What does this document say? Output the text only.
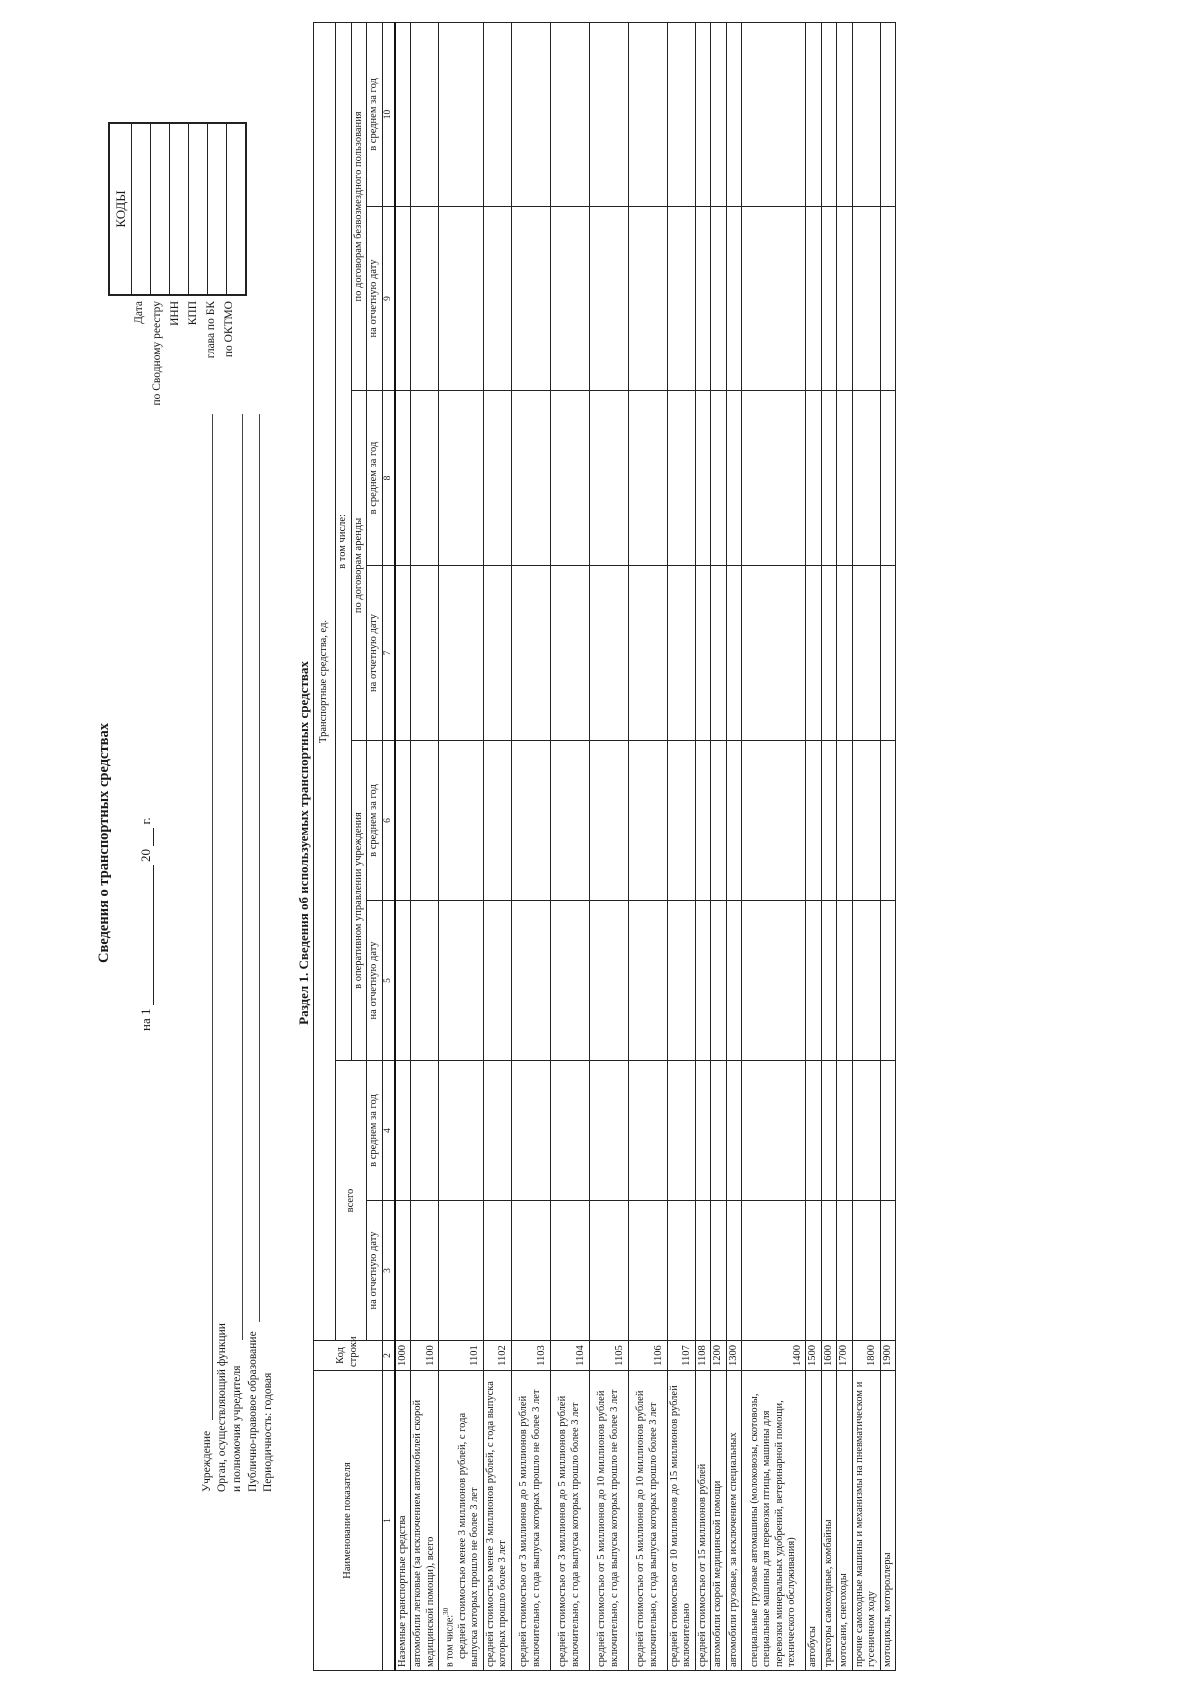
Сведения о транспортных средствах
на 1  20  г.
Учреждение Орган, осуществляющий функции и полномочия учредителя Публично-правовое образование Периодичность: годовая
Дата по Сводному реестру ИНН КПП глава по БК по ОКТМО
КОДЫ
Раздел 1. Сведения об используемых транспортных средствах
Наименование показателя	Код строки	Транспортные средства, ед.							
		всего		в том числе:					
				в оперативном управлении учреждения		по договорам аренды		по договорам безвозмездного пользования	
		на отчетную дату	в среднем за год	на отчетную дату	в среднем за год	на отчетную дату	в среднем за год	на отчетную дату	в среднем за год
1	2	3	4	5	6	7	8	9	10
Наземные транспортные средства	1000								
автомобили легковые (за исключением автомобилей скорой медицинской помощи), всего	1100								

в том числе:$^{30}$ средней стоимостью менее 3 миллионов рублей, с года выпуска которых прошло не более 3 лет	1101								
средней стоимостью менее 3 миллионов рублей, с года выпуска которых прошло более 3 лет	1102								
средней стоимостью от 3 миллионов до 5 миллионов рублей включительно, с года выпуска которых прошло не более 3 лет	1103								
средней стоимостью от 3 миллионов до 5 миллионов рублей включительно, с года выпуска которых прошло более 3 лет	1104								
средней стоимостью от 5 миллионов до 10 миллионов рублей включительно, с года выпуска которых прошло не более 3 лет	1105								
средней стоимостью от 5 миллионов до 10 миллионов рублей включительно, с года выпуска которых прошло более 3 лет	1106								
средней стоимостью от 10 миллионов до 15 миллионов рублей включительно	1107								
средней стоимостью от 15 миллионов рублей	1108								
автомобили скорой медицинской помощи	1200								
автомобили грузовые, за исключением специальных	1300								
специальные грузовые автомашины (молоковозы, скотовозы, специальные машины для перевозки птицы, машины для перевозки минеральных удобрений, ветеринарной помощи, технического обслуживания)	1400								
автобусы	1500								
тракторы самоходные, комбайны	1600								
мотосани, снегоходы	1700								
прочие самоходные машины и механизмы на пневматическом и гусеничном ходу	1800								
мотоциклы, мотороллеры	1900								
